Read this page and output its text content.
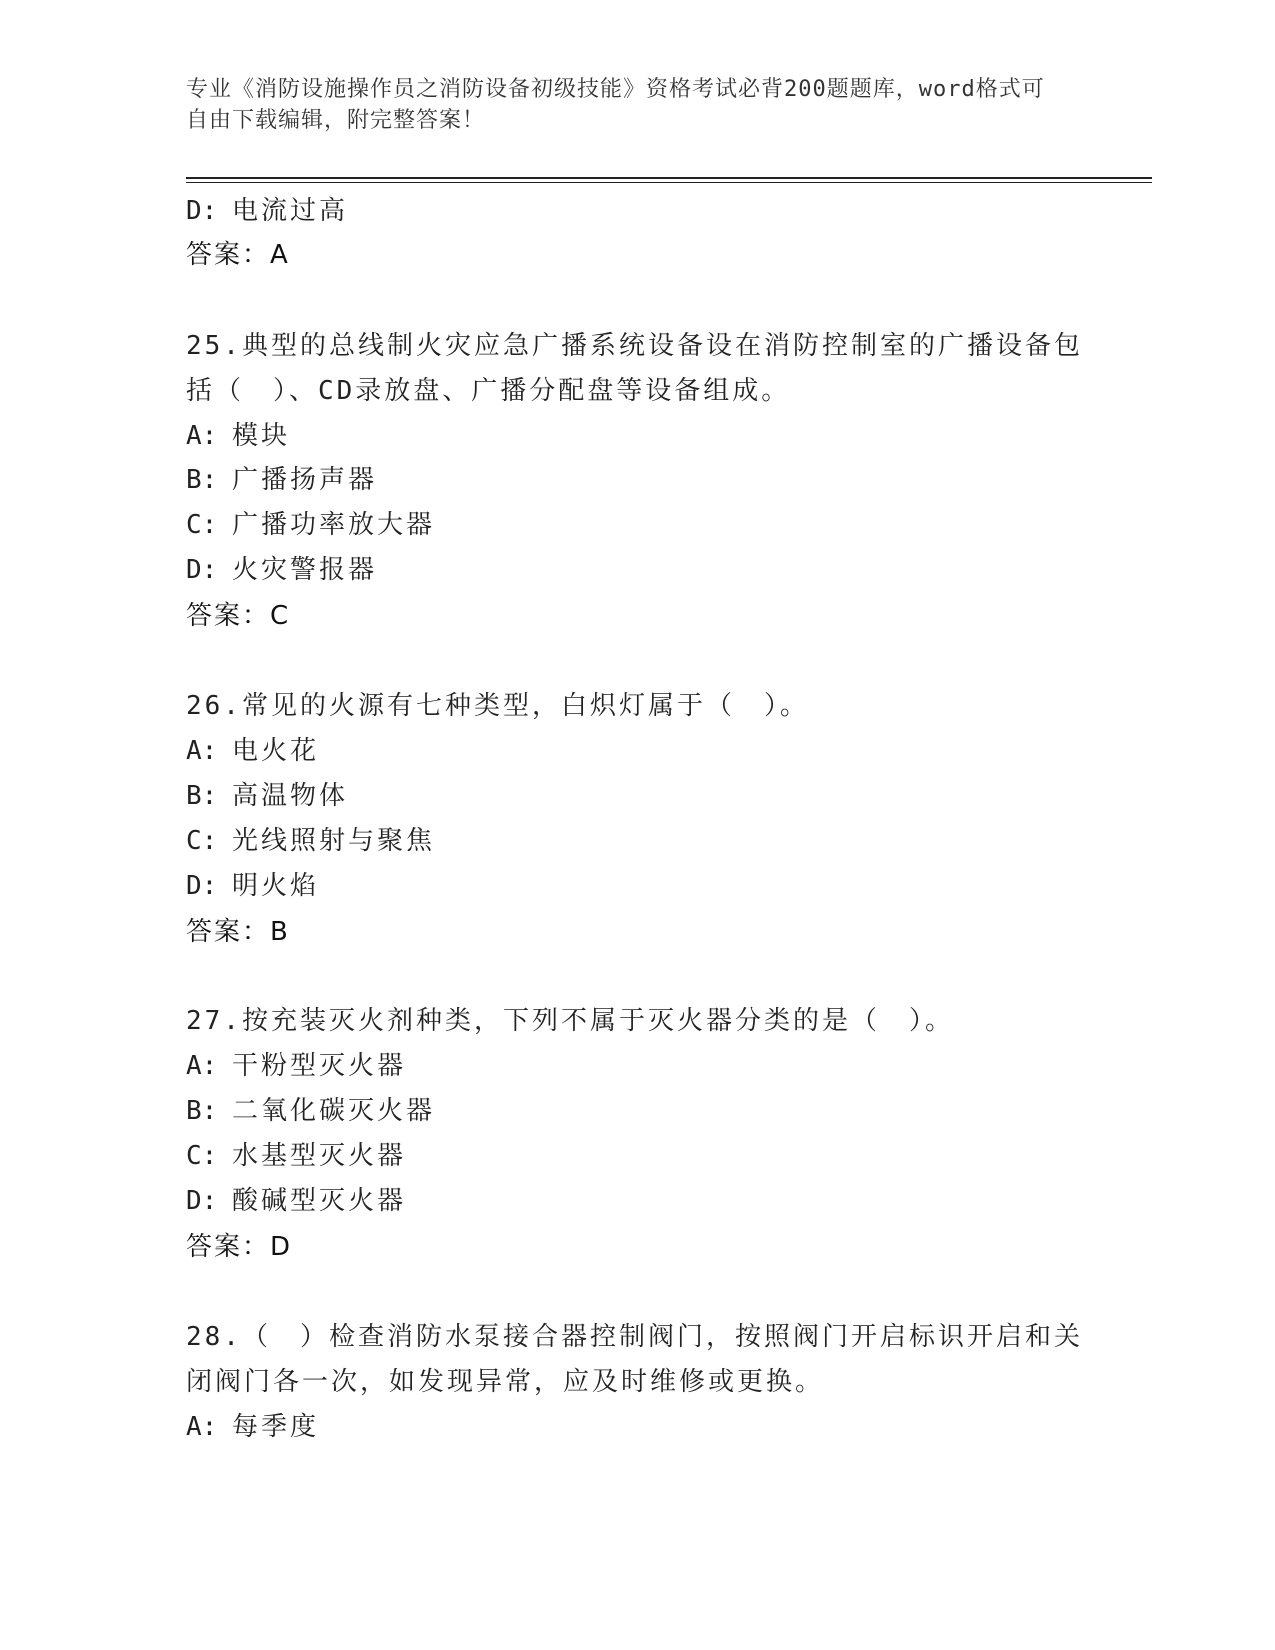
专业《消防设施操作员之消防设备初级技能》资格考试必背200题题库，word格式可自由下载编辑，附完整答案！
D: 电流过高
答案：A
25.典型的总线制火灾应急广播系统设备设在消防控制室的广播设备包
括（　）、CD录放盘、广播分配盘等设备组成。
A: 模块
B: 广播扬声器
C: 广播功率放大器
D: 火灾警报器
答案：C
26.常见的火源有七种类型，白炽灯属于（　）。
A: 电火花
B: 高温物体
C: 光线照射与聚焦
D: 明火焰
答案：B
27.按充装灭火剂种类，下列不属于灭火器分类的是（　）。
A: 干粉型灭火器
B: 二氧化碳灭火器
C: 水基型灭火器
D: 酸碱型灭火器
答案：D
28.（　）检查消防水泵接合器控制阀门，按照阀门开启标识开启和关
闭阀门各一次，如发现异常，应及时维修或更换。
A: 每季度
